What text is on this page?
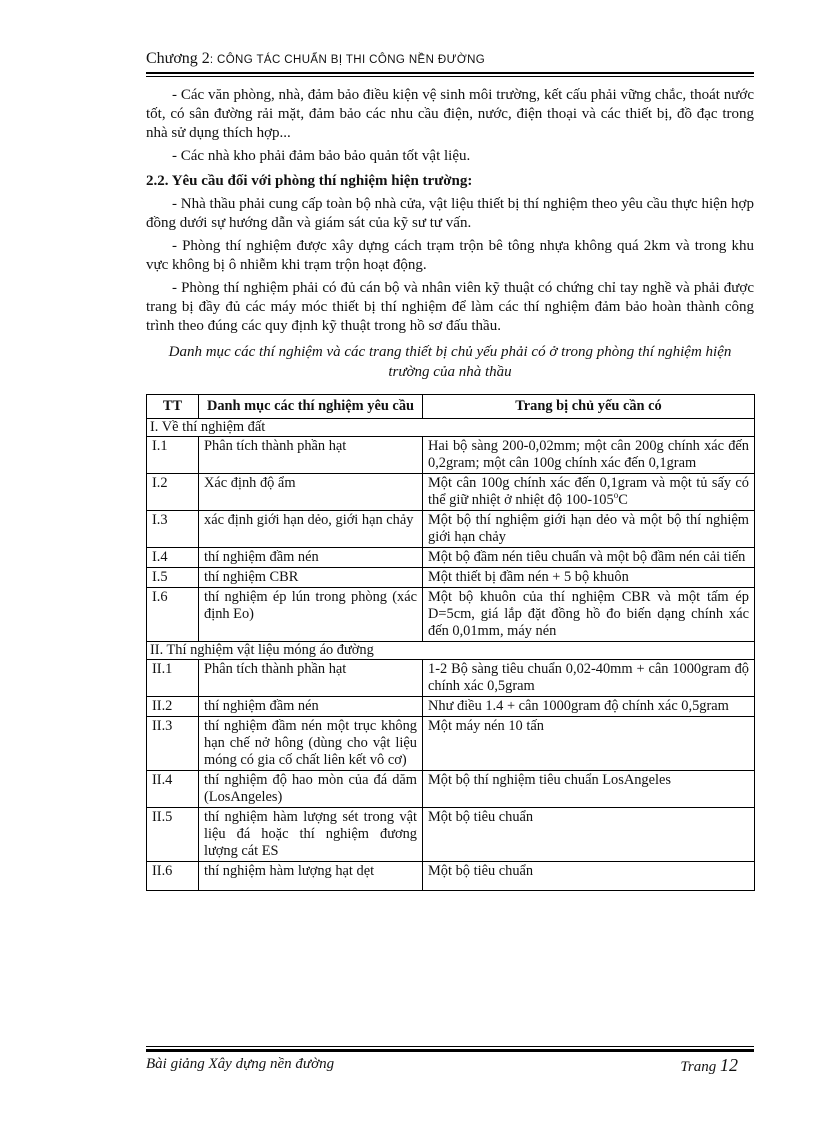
Chương 2: CÔNG TÁC CHUẨN BỊ THI CÔNG NỀN ĐƯỜNG

- Các văn phòng, nhà, đảm bảo điều kiện vệ sinh môi trường, kết cấu phải vững chắc, thoát nước tốt, có sân đường rải mặt, đảm bảo các nhu cầu điện, nước, điện thoại và các thiết bị, đồ đạc trong nhà sử dụng thích hợp...

- Các nhà kho phải đảm bảo bảo quản tốt vật liệu.

2.2. Yêu cầu đối với phòng thí nghiệm hiện trường:

- Nhà thầu phải cung cấp toàn bộ nhà cửa, vật liệu thiết bị thí nghiệm theo yêu cầu thực hiện hợp đồng dưới sự hướng dẫn và giám sát của kỹ sư tư vấn.

- Phòng thí nghiệm được xây dựng cách trạm trộn bê tông nhựa không quá 2km và trong khu vực không bị ô nhiễm khi trạm trộn hoạt động.

- Phòng thí nghiệm phải có đủ cán bộ và nhân viên kỹ thuật có chứng chỉ tay nghề và phải được trang bị đầy đủ các máy móc thiết bị thí nghiệm để làm các thí nghiệm đảm bảo hoàn thành công trình theo đúng các quy định kỹ thuật trong hồ sơ đấu thầu.

Danh mục các thí nghiệm và các trang thiết bị chủ yếu phải có ở trong phòng thí nghiệm hiện trường của nhà thầu
TT	Danh mục các thí nghiệm yêu cầu	Trang bị chủ yếu cần có
I. Về thí nghiệm đất		
I.1	Phân tích thành phần hạt	Hai bộ sàng 200-0,02mm; một cân 200g chính xác đến 0,2gram; một cân 100g chính xác đến 0,1gram
I.2	Xác định độ ẩm	Một cân 100g chính xác đến 0,1gram và một tủ sấy có thể giữ nhiệt ở nhiệt độ 100-105$^o$C
I.3	xác định giới hạn dẻo, giới hạn chảy	Một bộ thí nghiệm giới hạn dẻo và một bộ thí nghiệm giới hạn chảy
I.4	thí nghiệm đầm nén	Một bộ đầm nén tiêu chuẩn và một bộ đầm nén cải tiến
I.5	thí nghiệm CBR	Một thiết bị đầm nén + 5 bộ khuôn
I.6	thí nghiệm ép lún trong phòng (xác định Eo)	Một bộ khuôn của thí nghiệm CBR và một tấm ép D=5cm, giá lắp đặt đồng hồ đo biến dạng chính xác đến 0,01mm, máy nén
II. Thí nghiệm vật liệu móng áo đường		
II.1	Phân tích thành phần hạt	1-2 Bộ sàng tiêu chuẩn 0,02-40mm + cân 1000gram độ chính xác 0,5gram
II.2	thí nghiệm đầm nén	Như điều 1.4 + cân 1000gram độ chính xác 0,5gram
II.3	thí nghiệm đầm nén một trục không hạn chế nở hông (dùng cho vật liệu móng có gia cố chất liên kết vô cơ)	Một máy nén 10 tấn
II.4	thí nghiệm độ hao mòn của đá dăm (LosAngeles)	Một bộ thí nghiệm tiêu chuẩn LosAngeles
II.5	thí nghiệm hàm lượng sét trong vật liệu đá hoặc thí nghiệm đương lượng cát ES	Một bộ tiêu chuẩn
II.6	thí nghiệm hàm lượng hạt dẹt	Một bộ tiêu chuẩn
Bài giảng Xây dựng nền đường	Trang 12
